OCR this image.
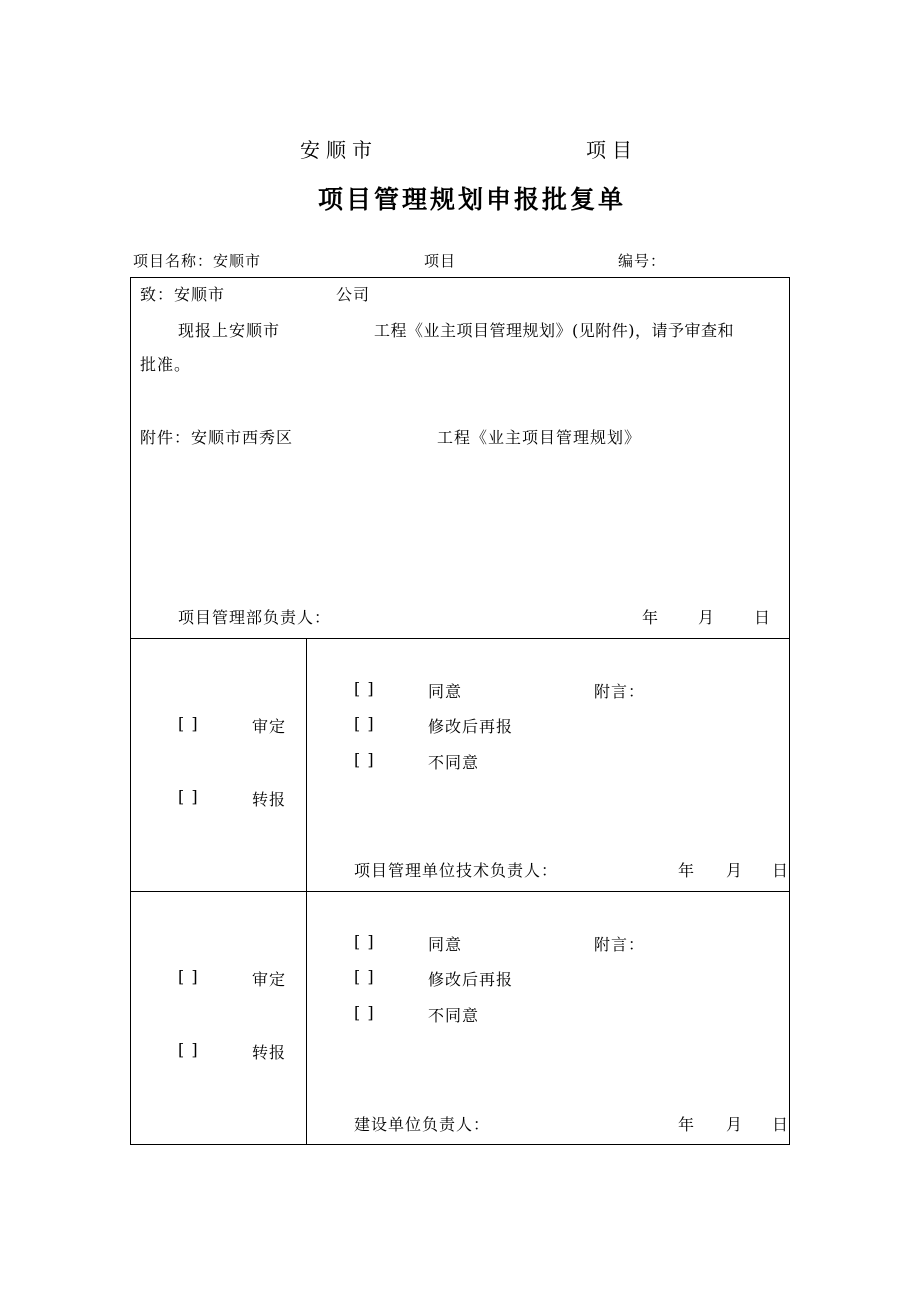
安顺市	项目
项目管理规划申报批复单
项目名称：安顺市	项目	编号：
致：安顺市	公司
现报上安顺市	工程《业主项目管理规划》(见附件)，请予审查和
批准。
附件：安顺市西秀区	工程《业主项目管理规划》
项目管理部负责人：	年 月 日
[ ]	审定
[ ]	转报
[ ]	同意	附言：
[ ]	修改后再报
[ ]	不同意
项目管理单位技术负责人：	年 月 日
[ ]	审定
[ ]	转报
[ ]	同意	附言：
[ ]	修改后再报
[ ]	不同意
建设单位负责人：	年 月 日
